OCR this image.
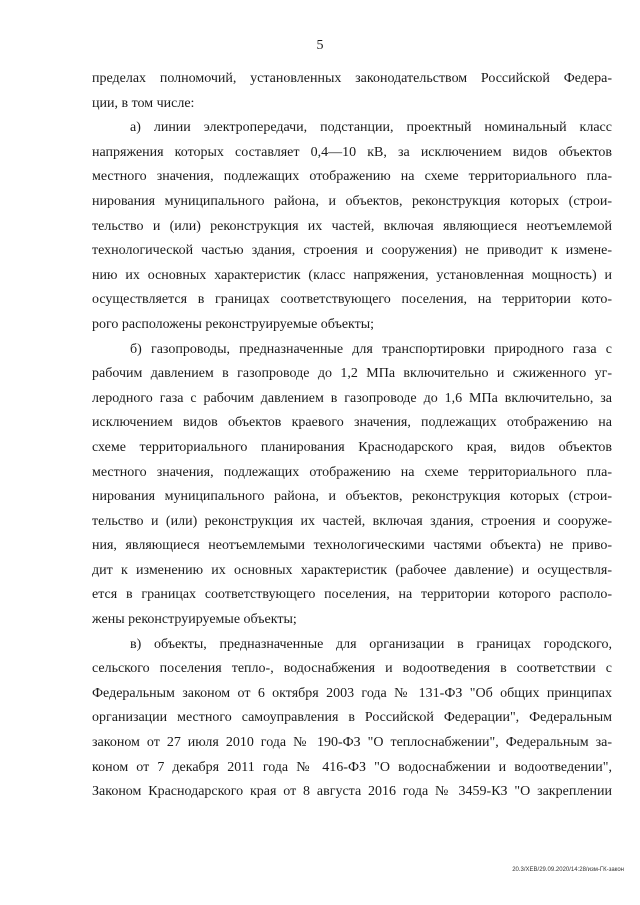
5
пределах полномочий, установленных законодательством Российской Федера-
ции, в том числе:
а) линии электропередачи, подстанции, проектный номинальный класс
напряжения которых составляет 0,4—10 кВ, за исключением видов объектов
местного значения, подлежащих отображению на схеме территориального пла-
нирования муниципального района, и объектов, реконструкция которых (строи-
тельство и (или) реконструкция их частей, включая являющиеся неотъемлемой
технологической частью здания, строения и сооружения) не приводит к измене-
нию их основных характеристик (класс напряжения, установленная мощность) и
осуществляется в границах соответствующего поселения, на территории кото-
рого расположены реконструируемые объекты;
б) газопроводы, предназначенные для транспортировки природного газа с
рабочим давлением в газопроводе до 1,2 МПа включительно и сжиженного уг-
леродного газа с рабочим давлением в газопроводе до 1,6 МПа включительно, за
исключением видов объектов краевого значения, подлежащих отображению на
схеме территориального планирования Краснодарского края, видов объектов
местного значения, подлежащих отображению на схеме территориального пла-
нирования муниципального района, и объектов, реконструкция которых (строи-
тельство и (или) реконструкция их частей, включая здания, строения и сооруже-
ния, являющиеся неотъемлемыми технологическими частями объекта) не приво-
дит к изменению их основных характеристик (рабочее давление) и осуществля-
ется в границах соответствующего поселения, на территории которого располо-
жены реконструируемые объекты;
в) объекты, предназначенные для организации в границах городского,
сельского поселения тепло-, водоснабжения и водоотведения в соответствии с
Федеральным законом от 6 октября 2003 года № 131-ФЗ "Об общих принципах
организации местного самоуправления в Российской Федерации", Федеральным
законом от 27 июля 2010 года № 190-ФЗ "О теплоснабжении", Федеральным за-
коном от 7 декабря 2011 года № 416-ФЗ "О водоснабжении и водоотведении",
Законом Краснодарского края от 8 августа 2016 года № 3459-КЗ "О закреплении
20.3/ХЕВ/29.09.2020/14:28/изм-ГК-закон
